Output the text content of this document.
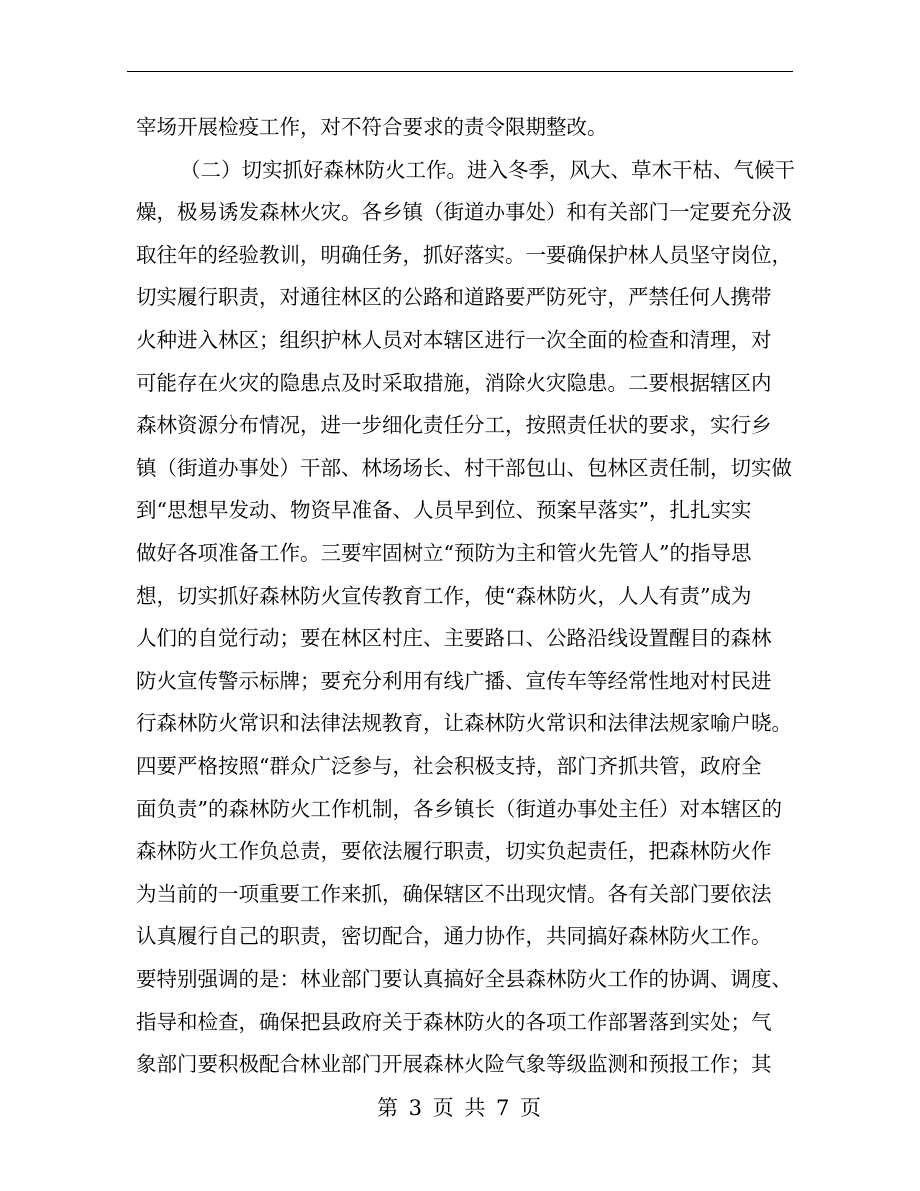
宰场开展检疫工作，对不符合要求的责令限期整改。
（二）切实抓好森林防火工作。进入冬季，风大、草木干枯、气候干
燥，极易诱发森林火灾。各乡镇（街道办事处）和有关部门一定要充分汲
取往年的经验教训，明确任务，抓好落实。一要确保护林人员坚守岗位，
切实履行职责，对通往林区的公路和道路要严防死守，严禁任何人携带
火种进入林区；组织护林人员对本辖区进行一次全面的检查和清理，对
可能存在火灾的隐患点及时采取措施，消除火灾隐患。二要根据辖区内
森林资源分布情况，进一步细化责任分工，按照责任状的要求，实行乡
镇（街道办事处）干部、林场场长、村干部包山、包林区责任制，切实做
到“思想早发动、物资早准备、人员早到位、预案早落实”，扎扎实实
做好各项准备工作。三要牢固树立“预防为主和管火先管人”的指导思
想，切实抓好森林防火宣传教育工作，使“森林防火，人人有责”成为
人们的自觉行动；要在林区村庄、主要路口、公路沿线设置醒目的森林
防火宣传警示标牌；要充分利用有线广播、宣传车等经常性地对村民进
行森林防火常识和法律法规教育，让森林防火常识和法律法规家喻户晓。
四要严格按照“群众广泛参与，社会积极支持，部门齐抓共管，政府全
面负责”的森林防火工作机制，各乡镇长（街道办事处主任）对本辖区的
森林防火工作负总责，要依法履行职责，切实负起责任，把森林防火作
为当前的一项重要工作来抓，确保辖区不出现灾情。各有关部门要依法
认真履行自己的职责，密切配合，通力协作，共同搞好森林防火工作。
要特别强调的是：林业部门要认真搞好全县森林防火工作的协调、调度、
指导和检查，确保把县政府关于森林防火的各项工作部署落到实处；气
象部门要积极配合林业部门开展森林火险气象等级监测和预报工作；其
第 3 页 共 7 页
